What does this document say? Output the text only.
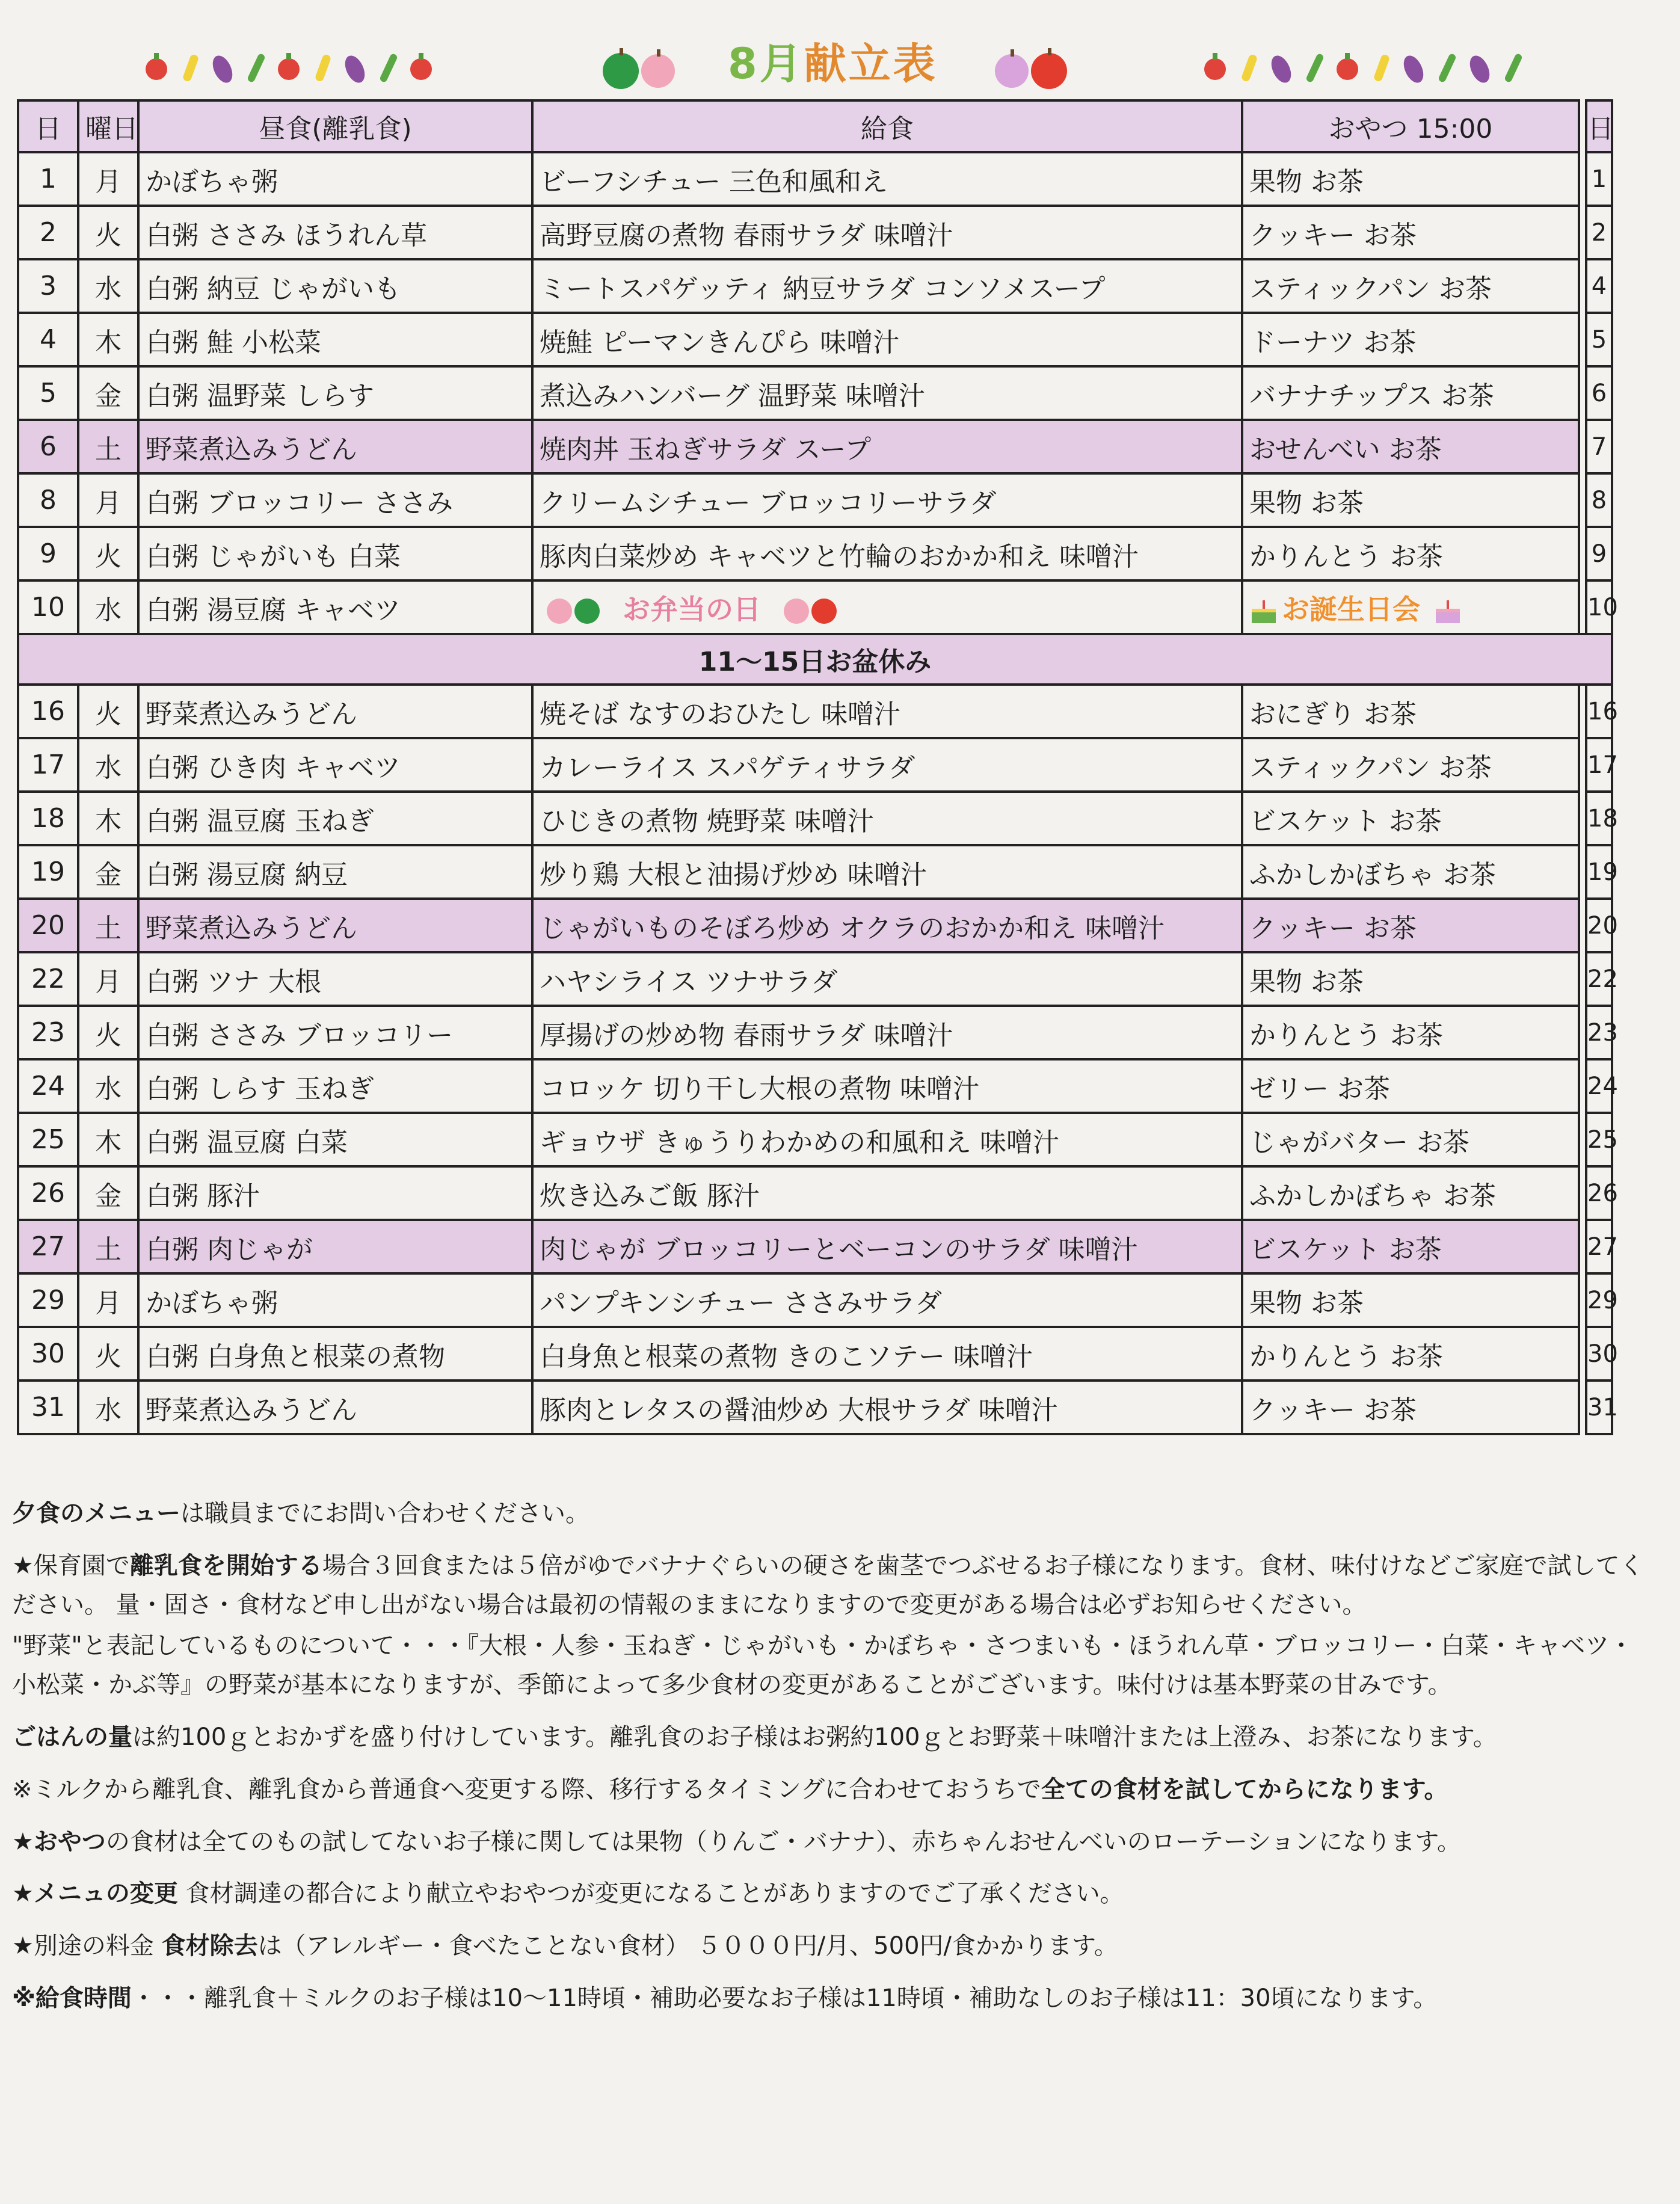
8月献立表
日	曜日	昼食(離乳食)	給食	おやつ 15:00		日
1	月	かぼちゃ粥	ビーフシチュー 三色和風和え	果物 お茶		1
2	火	白粥 ささみ ほうれん草	高野豆腐の煮物 春雨サラダ 味噌汁	クッキー お茶		2
3	水	白粥 納豆 じゃがいも	ミートスパゲッティ 納豆サラダ コンソメスープ	スティックパン お茶		4
4	木	白粥 鮭 小松菜	焼鮭 ピーマンきんぴら 味噌汁	ドーナツ お茶		5
5	金	白粥 温野菜 しらす	煮込みハンバーグ 温野菜 味噌汁	バナナチップス お茶		6
6	土	野菜煮込みうどん	焼肉丼 玉ねぎサラダ スープ	おせんべい お茶		7
8	月	白粥 ブロッコリー ささみ	クリームシチュー ブロッコリーサラダ	果物 お茶		8
9	火	白粥 じゃがいも 白菜	豚肉白菜炒め キャベツと竹輪のおかか和え 味噌汁	かりんとう お茶		9
10	水	白粥 湯豆腐 キャベツ	お弁当の日	お誕生日会		10
11～15日お盆休み						
16	火	野菜煮込みうどん	焼そば なすのおひたし 味噌汁	おにぎり お茶		16
17	水	白粥 ひき肉 キャベツ	カレーライス スパゲティサラダ	スティックパン お茶		17
18	木	白粥 温豆腐 玉ねぎ	ひじきの煮物 焼野菜 味噌汁	ビスケット お茶		18
19	金	白粥 湯豆腐 納豆	炒り鶏 大根と油揚げ炒め 味噌汁	ふかしかぼちゃ お茶		19
20	土	野菜煮込みうどん	じゃがいものそぼろ炒め オクラのおかか和え 味噌汁	クッキー お茶		20
22	月	白粥 ツナ 大根	ハヤシライス ツナサラダ	果物 お茶		22
23	火	白粥 ささみ ブロッコリー	厚揚げの炒め物 春雨サラダ 味噌汁	かりんとう お茶		23
24	水	白粥 しらす 玉ねぎ	コロッケ 切り干し大根の煮物 味噌汁	ゼリー お茶		24
25	木	白粥 温豆腐 白菜	ギョウザ きゅうりわかめの和風和え 味噌汁	じゃがバター お茶		25
26	金	白粥 豚汁	炊き込みご飯 豚汁	ふかしかぼちゃ お茶		26
27	土	白粥 肉じゃが	肉じゃが ブロッコリーとベーコンのサラダ 味噌汁	ビスケット お茶		27
29	月	かぼちゃ粥	パンプキンシチュー ささみサラダ	果物 お茶		29
30	火	白粥 白身魚と根菜の煮物	白身魚と根菜の煮物 きのこソテー 味噌汁	かりんとう お茶		30
31	水	野菜煮込みうどん	豚肉とレタスの醤油炒め 大根サラダ 味噌汁	クッキー お茶		31

夕食のメニューは職員までにお問い合わせください。

★保育園で離乳食を開始する場合３回食または５倍がゆでバナナぐらいの硬さを歯茎でつぶせるお子様になります。食材、味付けなどご家庭で試してください。 量・固さ・食材など申し出がない場合は最初の情報のままになりますので変更がある場合は必ずお知らせください。

"野菜"と表記しているものについて・・・『大根・人参・玉ねぎ・じゃがいも・かぼちゃ・さつまいも・ほうれん草・ブロッコリー・白菜・キャベツ・小松菜・かぶ等』の野菜が基本になりますが、季節によって多少食材の変更があることがございます。味付けは基本野菜の甘みです。

ごはんの量は約100ｇとおかずを盛り付けしています。離乳食のお子様はお粥約100ｇとお野菜＋味噌汁または上澄み、お茶になります。

※ミルクから離乳食、離乳食から普通食へ変更する際、移行するタイミングに合わせておうちで全ての食材を試してからになります。

★おやつの食材は全てのもの試してないお子様に関しては果物（りんご・バナナ）、赤ちゃんおせんべいのローテーションになります。

★メニュの変更 食材調達の都合により献立やおやつが変更になることがありますのでご了承ください。

★別途の料金 食材除去は（アレルギー・食べたことない食材） ５０００円/月、500円/食かかります。

※給食時間・・・離乳食＋ミルクのお子様は10～11時頃・補助必要なお子様は11時頃・補助なしのお子様は11：30頃になります。
